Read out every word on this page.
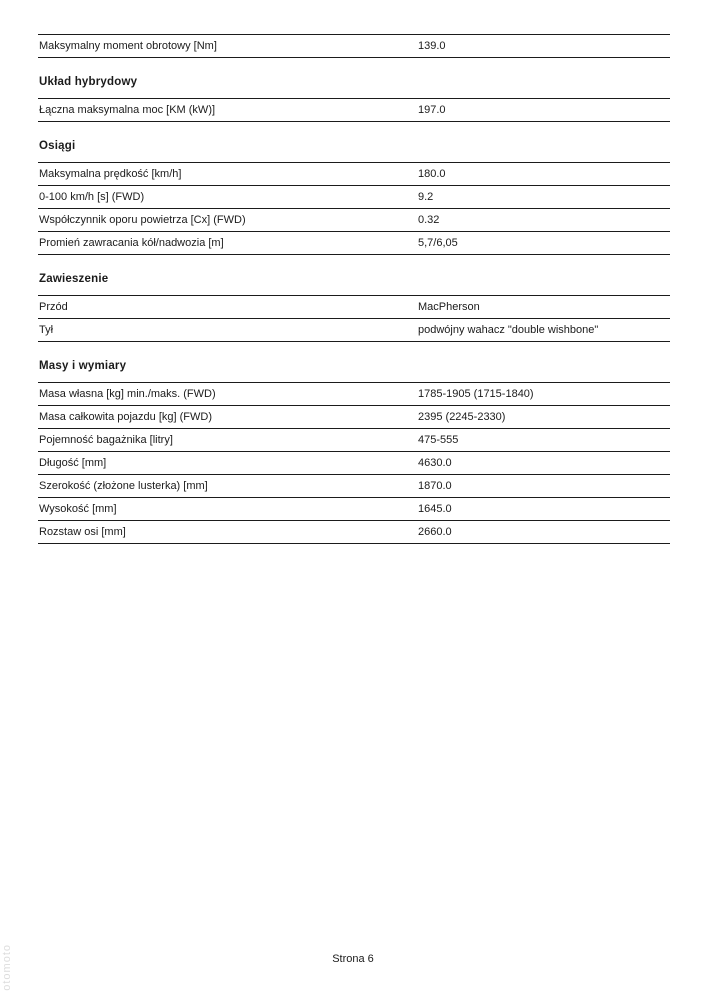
Maksymalny moment obrotowy [Nm]	139.0
Układ hybrydowy
Łączna maksymalna moc [KM (kW)]	197.0
Osiągi
Maksymalna prędkość [km/h]	180.0
0-100 km/h [s] (FWD)	9.2
Współczynnik oporu powietrza [Cx] (FWD)	0.32
Promień zawracania kół/nadwozia [m]	5,7/6,05
Zawieszenie
Przód	MacPherson
Tył	podwójny wahacz "double wishbone"
Masy i wymiary
Masa własna [kg] min./maks. (FWD)	1785-1905 (1715-1840)
Masa całkowita pojazdu [kg] (FWD)	2395 (2245-2330)
Pojemność bagażnika [litry]	475-555
Długość [mm]	4630.0
Szerokość (złożone lusterka) [mm]	1870.0
Wysokość [mm]	1645.0
Rozstaw osi [mm]	2660.0
otomoto	Strona 6
